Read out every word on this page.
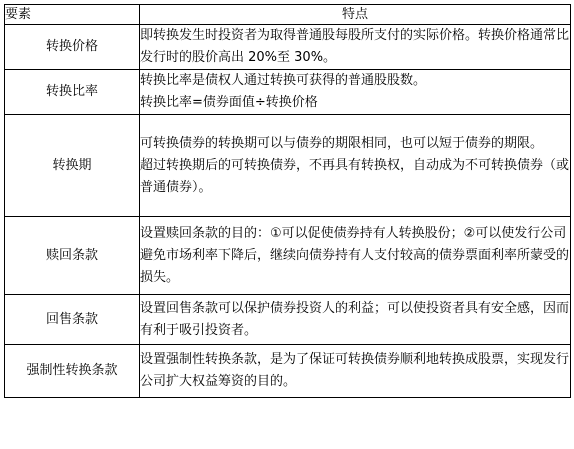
要素	特点
转换价格	即转换发生时投资者为取得普通股每股所支付的实际价格。转换价格通常比发行时的股价高出 20%至 30%。

转换比率	转换比率是债权人通过转换可获得的普通股股数。

转换比率=债券面值÷转换价格

转换期	可转换债券的转换期可以与债券的期限相同，也可以短于债券的期限。

超过转换期后的可转换债券，不再具有转换权，自动成为不可转换债券（或普通债券）。

赎回条款	设置赎回条款的目的：①可以促使债券持有人转换股份；②可以使发行公司避免市场利率下降后，继续向债券持有人支付较高的债券票面利率所蒙受的损失。

回售条款	设置回售条款可以保护债券投资人的利益；可以使投资者具有安全感，因而有利于吸引投资者。

强制性转换条款	设置强制性转换条款，是为了保证可转换债券顺利地转换成股票，实现发行公司扩大权益筹资的目的。
